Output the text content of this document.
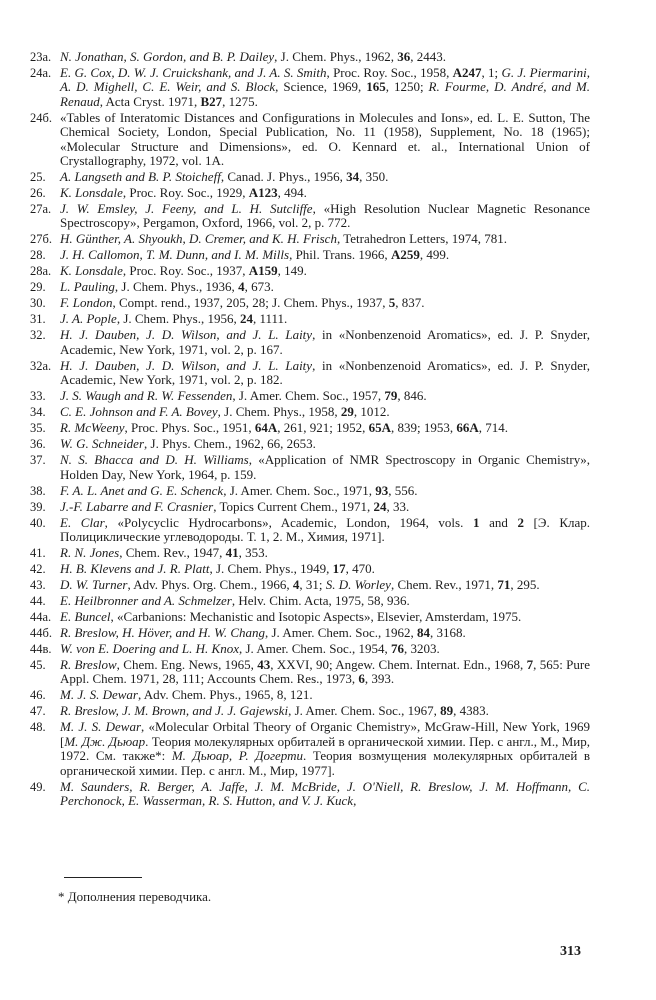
23a. N. Jonathan, S. Gordon, and B. P. Dailey, J. Chem. Phys., 1962, 36, 2443.
24a. E. G. Cox, D. W. J. Cruickshank, and J. A. S. Smith, Proc. Roy. Soc., 1958, A247, 1; G. J. Piermarini, A. D. Mighell, C. E. Weir, and S. Block, Science, 1969, 165, 1250; R. Fourme, D. André, and M. Renaud, Acta Cryst. 1971, B27, 1275.
24б. «Tables of Interatomic Distances and Configurations in Molecules and Ions», ed. L. E. Sutton, The Chemical Society, London, Special Publication, No. 11 (1958), Supplement, No. 18 (1965); «Molecular Structure and Dimensions», ed. O. Kennard et. al., International Union of Crystallography, 1972, vol. 1A.
25.	A. Langseth and B. P. Stoicheff, Canad. J. Phys., 1956, 34, 350.
26.	K. Lonsdale, Proc. Roy. Soc., 1929, A123, 494.
27a. J. W. Emsley, J. Feeny, and L. H. Sutcliffe, «High Resolution Nuclear Magnetic Resonance Spectroscopy», Pergamon, Oxford, 1966, vol. 2, p. 772.
27б. H. Günther, A. Shyoukh, D. Cremer, and K. H. Frisch, Tetrahedron Letters, 1974, 781.
28.	J. H. Callomon, T. M. Dunn, and I. M. Mills, Phil. Trans. 1966, A259, 499.
28a. K. Lonsdale, Proc. Roy. Soc., 1937, A159, 149.
29.	L. Pauling, J. Chem. Phys., 1936, 4, 673.
30.	F. London, Compt. rend., 1937, 205, 28; J. Chem. Phys., 1937, 5, 837.
31.	J. A. Pople, J. Chem. Phys., 1956, 24, 1111.
32.	H. J. Dauben, J. D. Wilson, and J. L. Laity, in «Nonbenzenoid Aromatics», ed. J. P. Snyder, Academic, New York, 1971, vol. 2, p. 167.
32a. H. J. Dauben, J. D. Wilson, and J. L. Laity, in «Nonbenzenoid Aromatics», ed. J. P. Snyder, Academic, New York, 1971, vol. 2, p. 182.
33.	J. S. Waugh and R. W. Fessenden, J. Amer. Chem. Soc., 1957, 79, 846.
34.	C. E. Johnson and F. A. Bovey, J. Chem. Phys., 1958, 29, 1012.
35.	R. McWeeny, Proc. Phys. Soc., 1951, 64A, 261, 921; 1952, 65A, 839; 1953, 66A, 714.
36.	W. G. Schneider, J. Phys. Chem., 1962, 66, 2653.
37.	N. S. Bhacca and D. H. Williams, «Application of NMR Spectroscopy in Organic Chemistry», Holden Day, New York, 1964, p. 159.
38.	F. A. L. Anet and G. E. Schenck, J. Amer. Chem. Soc., 1971, 93, 556.
39.	J.-F. Labarre and F. Crasnier, Topics Current Chem., 1971, 24, 33.
40.	E. Clar, «Polycyclic Hydrocarbons», Academic, London, 1964, vols. 1 and 2 [Э. Клар. Полициклические углеводороды. Т. 1, 2. М., Химия, 1971].
41.	R. N. Jones, Chem. Rev., 1947, 41, 353.
42.	H. B. Klevens and J. R. Platt, J. Chem. Phys., 1949, 17, 470.
43.	D. W. Turner, Adv. Phys. Org. Chem., 1966, 4, 31; S. D. Worley, Chem. Rev., 1971, 71, 295.
44.	E. Heilbronner and A. Schmelzer, Helv. Chim. Acta, 1975, 58, 936.
44a. E. Buncel, «Carbanions: Mechanistic and Isotopic Aspects», Elsevier, Amsterdam, 1975.
44б. R. Breslow, H. Höver, and H. W. Chang, J. Amer. Chem. Soc., 1962, 84, 3168.
44в. W. von E. Doering and L. H. Knox, J. Amer. Chem. Soc., 1954, 76, 3203.
45.	R. Breslow, Chem. Eng. News, 1965, 43, XXVI, 90; Angew. Chem. Internat. Edn., 1968, 7, 565: Pure Appl. Chem. 1971, 28, 111; Accounts Chem. Res., 1973, 6, 393.
46.	M. J. S. Dewar, Adv. Chem. Phys., 1965, 8, 121.
47.	R. Breslow, J. M. Brown, and J. J. Gajewski, J. Amer. Chem. Soc., 1967, 89, 4383.
48.	M. J. S. Dewar, «Molecular Orbital Theory of Organic Chemistry», McGraw-Hill, New York, 1969 [М. Дж. Дьюар. Теория молекулярных орбиталей в органической химии. Пер. с англ., М., Мир, 1972. См. также*: М. Дьюар, Р. Догерти. Теория возмущения молекулярных орбиталей в органической химии. Пер. с англ. М., Мир, 1977].
49.	M. Saunders, R. Berger, A. Jaffe, J. M. McBride, J. O'Niell, R. Breslow, J. M. Hoffmann, C. Perchonock, E. Wasserman, R. S. Hutton, and V. J. Kuck,
* Дополнения переводчика.
313
